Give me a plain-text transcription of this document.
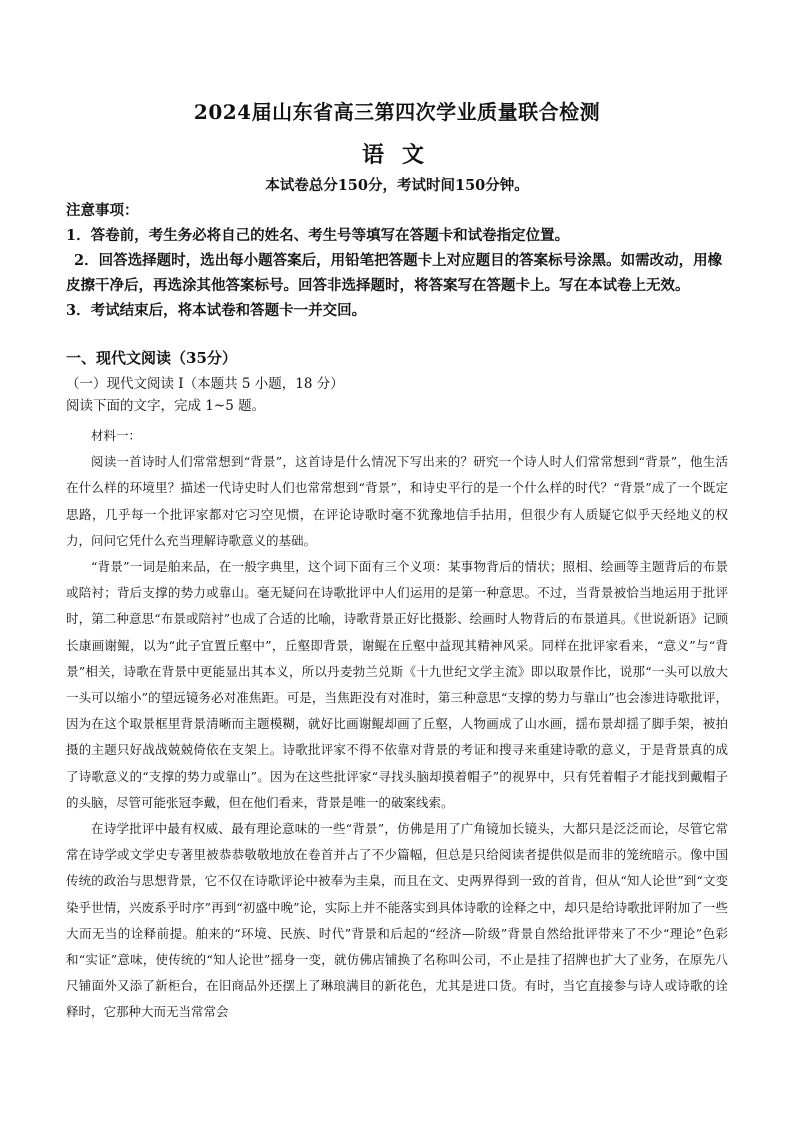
2024届山东省高三第四次学业质量联合检测
语文
本试卷总分150分，考试时间150分钟。

注意事项：

1．答卷前，考生务必将自己的姓名、考生号等填写在答题卡和试卷指定位置。

2．回答选择题时，选出每小题答案后，用铅笔把答题卡上对应题目的答案标号涂黑。如需改动，用橡皮擦干净后，再选涂其他答案标号。回答非选择题时，将答案写在答题卡上。写在本试卷上无效。

3．考试结束后，将本试卷和答题卡一并交回。

一、现代文阅读（35分）

（一）现代文阅读 I（本题共 5 小题，18 分）

阅读下面的文字，完成 1~5 题。

材料一：

阅读一首诗时人们常常想到“背景”，这首诗是什么情况下写出来的？研究一个诗人时人们常常想到“背景”，他生活在什么样的环境里？描述一代诗史时人们也常常想到“背景”，和诗史平行的是一个什么样的时代？“背景”成了一个既定思路，几乎每一个批评家都对它习空见惯，在评论诗歌时毫不犹豫地信手拈用，但很少有人质疑它似乎天经地义的权力，问问它凭什么充当理解诗歌意义的基础。

“背景”一词是舶来品，在一般字典里，这个词下面有三个义项：某事物背后的情状；照相、绘画等主题背后的布景或陪衬；背后支撑的势力或靠山。毫无疑问在诗歌批评中人们运用的是第一种意思。不过，当背景被恰当地运用于批评时，第二种意思“布景或陪衬”也成了合适的比喻，诗歌背景正好比摄影、绘画时人物背后的布景道具。《世说新语》记顾长康画谢鲲，以为“此子宜置丘壑中”，丘壑即背景，谢鲲在丘壑中益现其精神风采。同样在批评家看来，“意义”与“背景”相关，诗歌在背景中更能显出其本义，所以丹麦勃兰兑斯《十九世纪文学主流》即以取景作比，说那“一头可以放大一头可以缩小”的望远镜务必对准焦距。可是，当焦距没有对准时，第三种意思“支撑的势力与靠山”也会渗进诗歌批评，因为在这个取景框里背景清晰而主题模糊，就好比画谢鲲却画了丘壑，人物画成了山水画，揺布景却揺了脚手架，被拍摄的主题只好战战兢兢倚依在支架上。诗歌批评家不得不依靠对背景的考证和搜寻来重建诗歌的意义，于是背景真的成了诗歌意义的“支撑的势力或靠山”。因为在这些批评家“寻找头脑却摸着帽子”的视界中，只有凭着帽子才能找到戴帽子的头脑，尽管可能张冠李戴，但在他们看来，背景是唯一的破案线索。

在诗学批评中最有权威、最有理论意味的一些“背景”，仿佛是用了广角镜加长镜头，大都只是泛泛而论，尽管它常常在诗学或文学史专著里被恭恭敬敬地放在卷首并占了不少篇幅，但总是只给阅读者提供似是而非的笼统暗示。像中国传统的政治与思想背景，它不仅在诗歌评论中被奉为圭臬，而且在文、史两界得到一致的首肯，但从“知人论世”到“文变染乎世情，兴废系乎时序”再到“初盛中晚”论，实际上并不能落实到具体诗歌的诠释之中，却只是给诗歌批评附加了一些大而无当的诠释前提。舶来的“环境、民族、时代”背景和后起的“经济—阶级”背景自然给批评带来了不少“理论”色彩和“实证”意味，使传统的“知人论世”摇身一变，就仿佛店铺换了名称叫公司，不止是挂了招牌也扩大了业务，在原先八尺铺面外又添了新柜台，在旧商品外还摆上了琳琅满目的新花色，尤其是进口货。有时，当它直接参与诗人或诗歌的诠释时，它那种大而无当常常会
